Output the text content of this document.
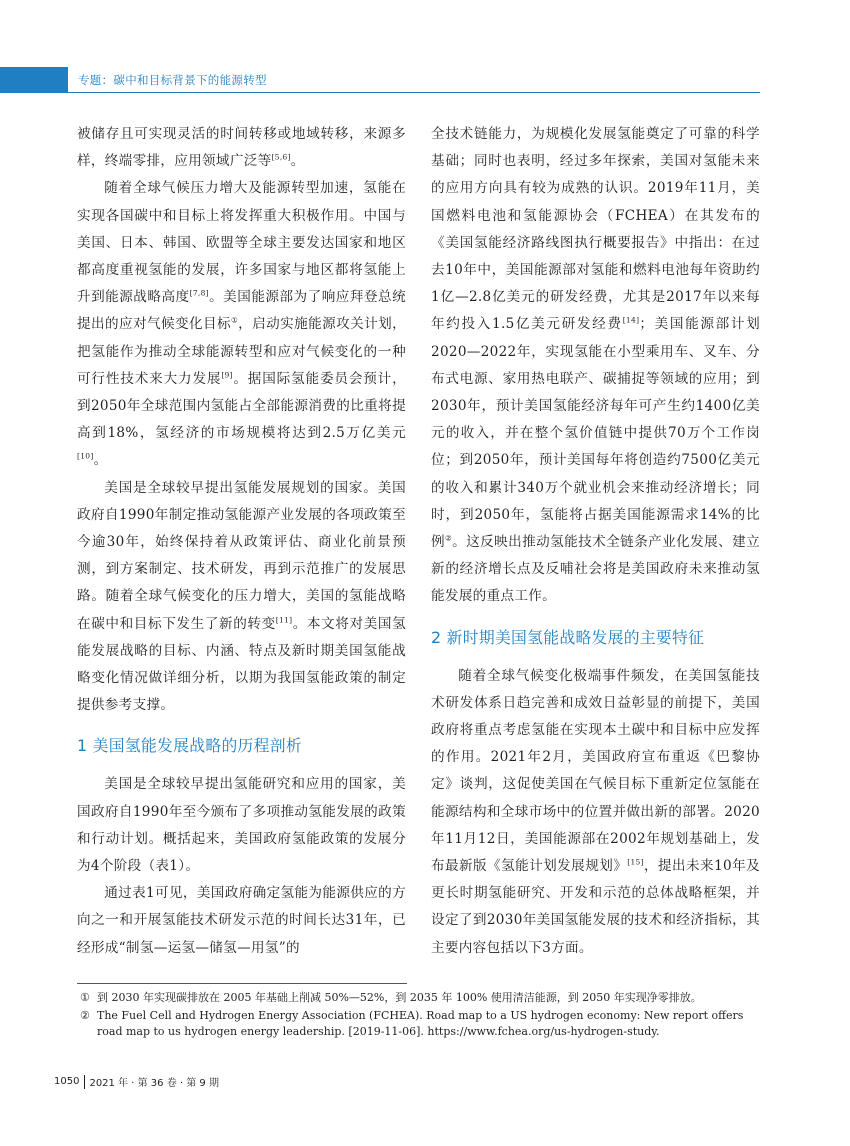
专题：碳中和目标背景下的能源转型

被储存且可实现灵活的时间转移或地域转移，来源多样，终端零排，应用领域广泛等[5,6]。

随着全球气候压力增大及能源转型加速，氢能在实现各国碳中和目标上将发挥重大积极作用。中国与美国、日本、韩国、欧盟等全球主要发达国家和地区都高度重视氢能的发展，许多国家与地区都将氢能上升到能源战略高度[7,8]。美国能源部为了响应拜登总统提出的应对气候变化目标①，启动实施能源攻关计划，把氢能作为推动全球能源转型和应对气候变化的一种可行性技术来大力发展[9]。据国际氢能委员会预计，到2050年全球范围内氢能占全部能源消费的比重将提高到18%，氢经济的市场规模将达到2.5万亿美元[10]。

美国是全球较早提出氢能发展规划的国家。美国政府自1990年制定推动氢能源产业发展的各项政策至今逾30年，始终保持着从政策评估、商业化前景预测，到方案制定、技术研发，再到示范推广的发展思路。随着全球气候变化的压力增大，美国的氢能战略在碳中和目标下发生了新的转变[11]。本文将对美国氢能发展战略的目标、内涵、特点及新时期美国氢能战略变化情况做详细分析，以期为我国氢能政策的制定提供参考支撑。

1 美国氢能发展战略的历程剖析

美国是全球较早提出氢能研究和应用的国家，美国政府自1990年至今颁布了多项推动氢能发展的政策和行动计划。概括起来，美国政府氢能政策的发展分为4个阶段（表1）。

通过表1可见，美国政府确定氢能为能源供应的方向之一和开展氢能技术研发示范的时间长达31年，已经形成“制氢—运氢—储氢—用氢”的

全技术链能力，为规模化发展氢能奠定了可靠的科学基础；同时也表明，经过多年探索，美国对氢能未来的应用方向具有较为成熟的认识。2019年11月，美国燃料电池和氢能源协会（FCHEA）在其发布的《美国氢能经济路线图执行概要报告》中指出：在过去10年中，美国能源部对氢能和燃料电池每年资助约1亿—2.8亿美元的研发经费，尤其是2017年以来每年约投入1.5亿美元研发经费[14]；美国能源部计划2020—2022年，实现氢能在小型乘用车、叉车、分布式电源、家用热电联产、碳捕捉等领域的应用；到2030年，预计美国氢能经济每年可产生约1400亿美元的收入，并在整个氢价值链中提供70万个工作岗位；到2050年，预计美国每年将创造约7500亿美元的收入和累计340万个就业机会来推动经济增长；同时，到2050年，氢能将占据美国能源需求14%的比例②。这反映出推动氢能技术全链条产业化发展、建立新的经济增长点及反哺社会将是美国政府未来推动氢能发展的重点工作。

2 新时期美国氢能战略发展的主要特征

随着全球气候变化极端事件频发，在美国氢能技术研发体系日趋完善和成效日益彰显的前提下，美国政府将重点考虑氢能在实现本土碳中和目标中应发挥的作用。2021年2月，美国政府宣布重返《巴黎协定》谈判，这促使美国在气候目标下重新定位氢能在能源结构和全球市场中的位置并做出新的部署。2020年11月12日，美国能源部在2002年规划基础上，发布最新版《氢能计划发展规划》[15]，提出未来10年及更长时期氢能研究、开发和示范的总体战略框架，并设定了到2030年美国氢能发展的技术和经济指标，其主要内容包括以下3方面。

① 到 2030 年实现碳排放在 2005 年基础上削减 50%—52%，到 2035 年 100% 使用清洁能源，到 2050 年实现净零排放。
② The Fuel Cell and Hydrogen Energy Association (FCHEA). Road map to a US hydrogen economy: New report offers road map to us hydrogen energy leadership. [2019-11-06]. https://www.fchea.org/us-hydrogen-study.
1050	2021 年 · 第 36 卷 · 第 9 期
